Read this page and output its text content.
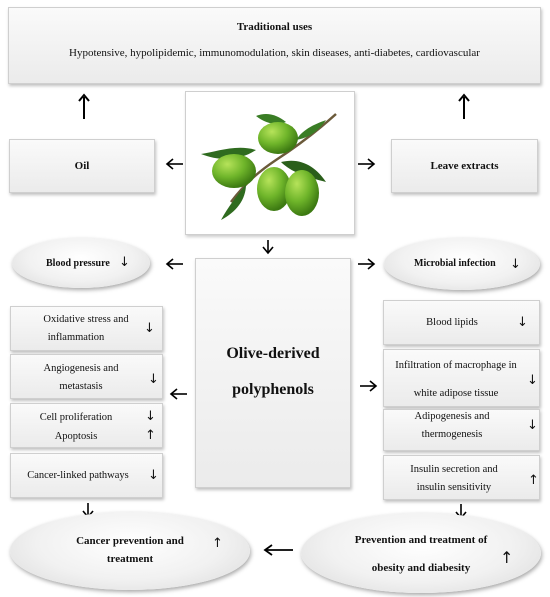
Traditional uses
Hypotensive, hypolipidemic, immunomodulation, skin diseases, anti-diabetes, cardiovascular
Oil	Leave extracts
Blood pressure ↓	Microbial infection ↓
Olive-derived
polyphenols
Oxidative stress and
inflammation
↓
Angiogenesis and
metastasis	↓
Cell proliferation	↓
Apoptosis	↑
Cancer-linked pathways	↓
Blood lipids	↓
Infiltration of macrophage in
white adipose tissue
↓
Adipogenesis and
thermogenesis
↓
Insulin secretion and
insulin sensitivity	↑
Cancer prevention and
treatment
↑	Prevention and treatment of
obesity and diabesity
↑
